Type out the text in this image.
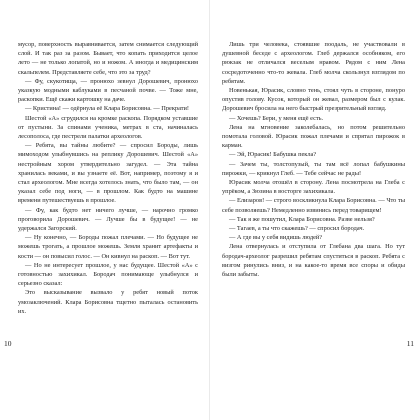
мусор, поверхность выравнивается, затем снимается следующий слой. И так раз за разом. Бывает, что копать приходится целое лето — не только лопатой, но и ножом. А иногда и медицинским скальпелем. Представляете себе, что это за труд?

— Фу, скукотища, — пронюхо зевнул Дорошевич, пронюхо указкую модными каблуками в песчаной почве. — Тоже мне, раскопки. Ещё скажи картошку на даче.

— Кристина! — одёрнула её Клара Борисовна. — Прекрати!

Шестой «А» сгрудился на кромке раскопа. Порядком уставшие от пустыни. За спинами ученика, метрах в ста, начиналась лесополоса, где пестрели палатки археологов.

— Ребята, вы тайны любите? — спросил Бороды, лишь мимоходом улыбнувшись на реплику Дорошевич. Шестой «А» нестройным хором утвердительно загудел. — Эта тайна хранилась веками, и вы узнаете её. Вот, например, поэтому я и стал археологом. Мне всегда хотелось знать, что было там, — он указал себе под ноги, — в прошлом. Как будто на машине времени путешествуешь в прошлое.

— Фу, как будто нет ничего лучше, — нарочно громко проговорила Дорошевич. — Лучше бы в будущее! — не удержался Загорский.

— Ну конечно, — Бороды пожал плечами. — Но будущее не можешь трогать, а прошлое можешь. Земля хранит артефакты и кости — он повысил голос. — Он кивнул на раскоп. — Вот тут.

— Но не интересует прошлое, у нас будущее. Шестой «А» с готовностью захихикал. Бородач понимающе улыбнулся и серьезно сказал:

Это высказывание вызвало у ребят новый поток умозаключений. Клара Борисовна тщетно пыталась остановить их.

Лишь три человека, стоявшие поодаль, не участвовали в душевной беседе с археологом. Глеб держался особняком, его рюкзак не отличался веселым нравом. Рядом с ним Лена сосредоточенно что-то жевала. Глеб молча скользнул взглядом по ребятам.

Новенькая, Юрасик, словно тень, стоял чуть в стороне, понуро опустив голову. Кусок, который он жевал, размером был с кулак. Дорошевич бросила на него быстрый презрительный взгляд.

— Хочешь? Бери, у меня ещё есть.

Лена на мгновение заколебалась, но потом решительно помотала головой. Юрасик пожал плечами и спрятал пирожок в карман.

— Эй, Юрасик! Бабушка пекла?

— Зачем ты, толстопузый, ты там всё лопал бабушкины пирожки, — крикнул Глеб. — Тебе сейчас не рады!

Юрасик молча отошёл в сторону. Лена посмотрела на Глеба с упрёком, а Зюзина в восторге захихикала.

— Елизаров! — строго воскликнула Клара Борисовна. — Что ты себе позволяешь? Немедленно извинись перед товарищем!

— Так я же пошутил, Клара Борисовна. Разве нельзя?

— Тагаев, а ты что скажешь? — спросил бородач.

— А где вы у себя видишь людей?

Лена отвернулась и отступила от Глебана два шага. Но тут бородач-археолог разрешил ребятам спуститься в раскоп. Ребята с визгом ринулись вниз, и на какое-то время все споры и обиды были забыты.

10	11
